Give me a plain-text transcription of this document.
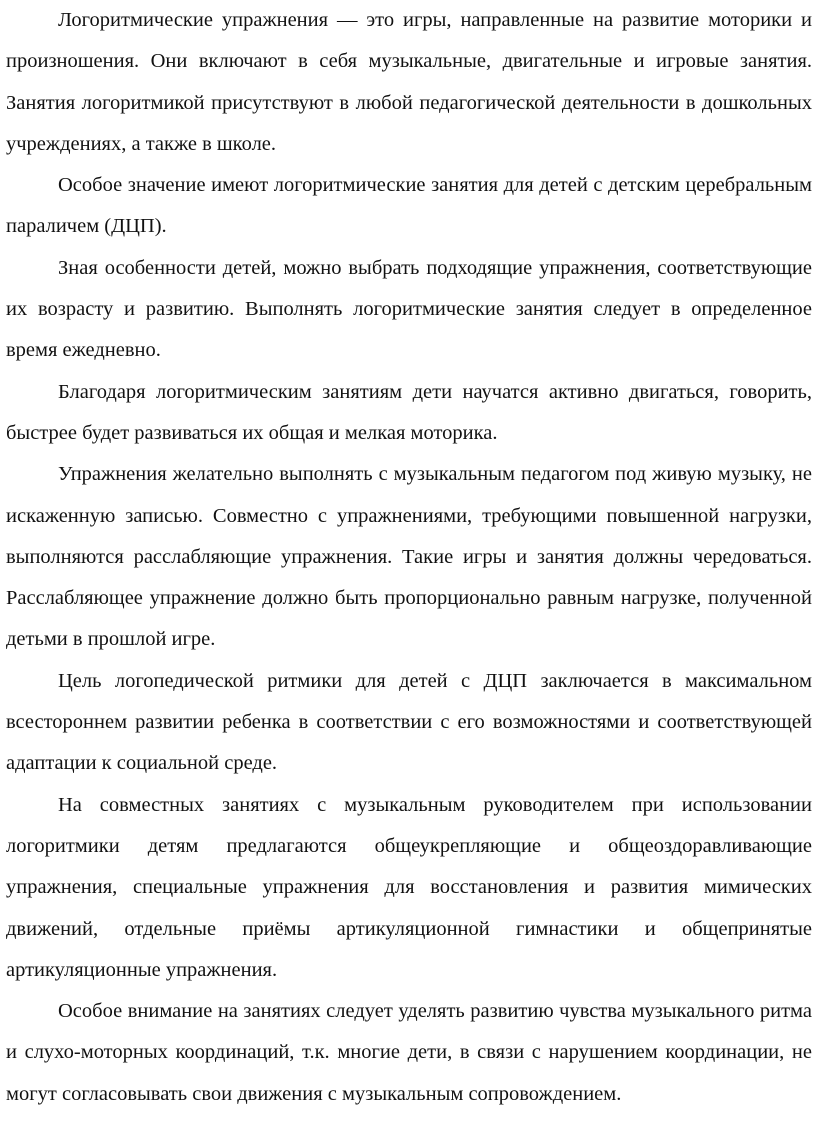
Логоритмические упражнения — это игры, направленные на развитие моторики и произношения. Они включают в себя музыкальные, двигательные и игровые занятия. Занятия логоритмикой присутствуют в любой педагогической деятельности в дошкольных учреждениях, а также в школе.

Особое значение имеют логоритмические занятия для детей с детским церебральным параличем (ДЦП).

Зная особенности детей, можно выбрать подходящие упражнения, соответствующие их возрасту и развитию. Выполнять логоритмические занятия следует в определенное время ежедневно.

Благодаря логоритмическим занятиям дети научатся активно двигаться, говорить, быстрее будет развиваться их общая и мелкая моторика.

Упражнения желательно выполнять с музыкальным педагогом под живую музыку, не искаженную записью. Совместно с упражнениями, требующими повышенной нагрузки, выполняются расслабляющие упражнения. Такие игры и занятия должны чередоваться. Расслабляющее упражнение должно быть пропорционально равным нагрузке, полученной детьми в прошлой игре.

Цель логопедической ритмики для детей с ДЦП заключается в максимальном всестороннем развитии ребенка в соответствии с его возможностями и соответствующей адаптации к социальной среде.

На совместных занятиях с музыкальным руководителем при использовании логоритмики детям предлагаются общеукрепляющие и общеоздоравливающие упражнения, специальные упражнения для восстановления и развития мимических движений, отдельные приёмы артикуляционной гимнастики и общепринятые артикуляционные упражнения.

Особое внимание на занятиях следует уделять развитию чувства музыкального ритма и слухо-моторных координаций, т.к. многие дети, в связи с нарушением координации, не могут согласовывать свои движения с музыкальным сопровождением.
